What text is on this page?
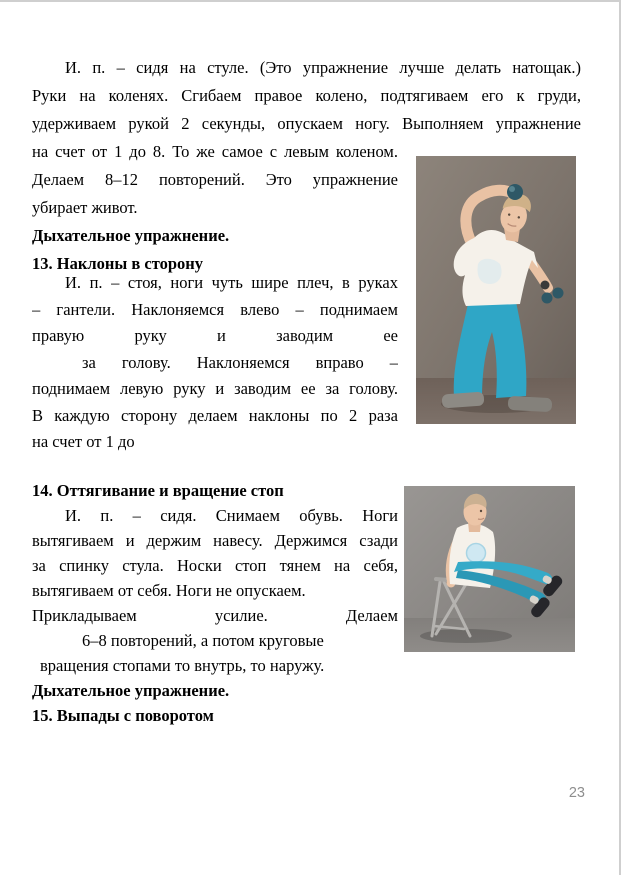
И. п. – сидя на стуле. (Это упражнение лучше делать натощак.)
Руки на коленях. Сгибаем правое колено, подтягиваем его к груди,
удерживаем рукой 2 секунды, опускаем ногу. Выполняем упражнение
на счет от 1 до 8. То же самое с левым коленом.
Делаем 8–12 повторений. Это упражнение
убирает живот.
Дыхательное упражнение.
13. Наклоны в сторону
И. п. – стоя, ноги чуть шире плеч, в руках
– гантели. Наклоняемся влево – поднимаем
правую руку и заводим ее
за голову. Наклоняемся вправо –
поднимаем левую руку и заводим ее за голову.
В каждую сторону делаем наклоны по 2 раза
на счет от 1 до
14. Оттягивание и вращение стоп
И. п. – сидя. Снимаем обувь. Ноги
вытягиваем и держим навесу. Держимся сзади
за спинку стула. Носки стоп тянем на себя,
вытягиваем от себя. Ноги не опускаем.
Прикладываем усилие. Делаем
6–8 повторений, а потом круговые
вращения стопами то внутрь, то наружу.
Дыхательное упражнение.
15. Выпады с поворотом
23
